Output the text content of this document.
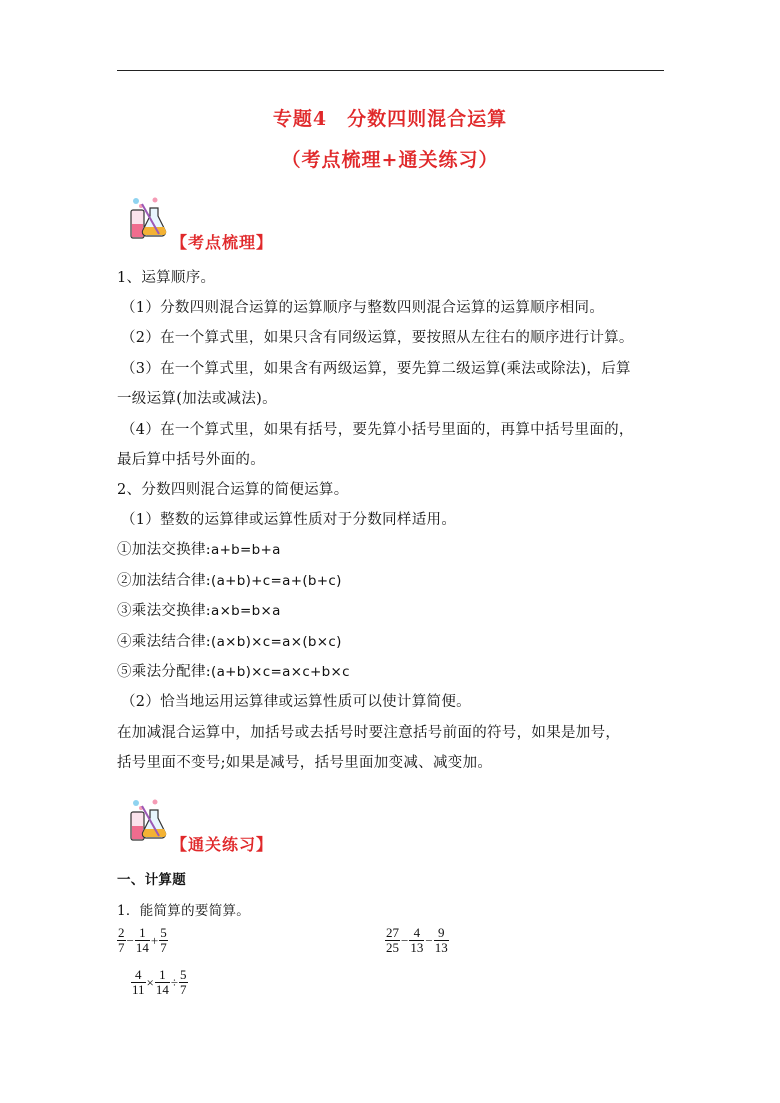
专题4　分数四则混合运算
（考点梳理+通关练习）
【考点梳理】
1、运算顺序。
（1）分数四则混合运算的运算顺序与整数四则混合运算的运算顺序相同。
（2）在一个算式里，如果只含有同级运算，要按照从左往右的顺序进行计算。
（3）在一个算式里，如果含有两级运算，要先算二级运算(乘法或除法)，后算
一级运算(加法或减法)。
（4）在一个算式里，如果有括号，要先算小括号里面的，再算中括号里面的，
最后算中括号外面的。
2、分数四则混合运算的简便运算。
（1）整数的运算律或运算性质对于分数同样适用。
①加法交换律:a+b=b+a
②加法结合律:(a+b)+c=a+(b+c)
③乘法交换律:a×b=b×a
④乘法结合律:(a×b)×c=a×(b×c)
⑤乘法分配律:(a+b)×c=a×c+b×c
（2）恰当地运用运算律或运算性质可以使计算简便。
在加减混合运算中，加括号或去括号时要注意括号前面的符号，如果是加号，
括号里面不变号;如果是减号，括号里面加变减、减变加。
【通关练习】
一、计算题
1．能简算的要简算。
$\frac{2}{7} - \frac{1}{14} + \frac{5}{7}$	$\frac{27}{25} - \frac{4}{13} - \frac{9}{13}$
$\frac{4}{11} \times \frac{1}{14} \div \frac{5}{7}$
